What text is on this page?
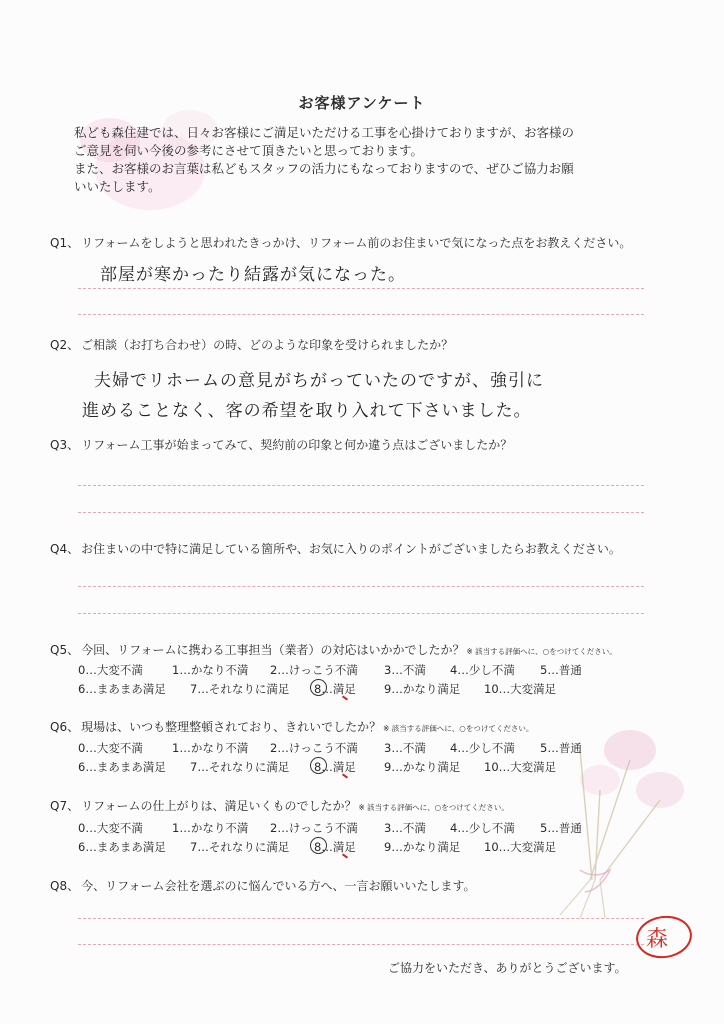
お客様アンケート
私ども森住建では、日々お客様にご満足いただける工事を心掛けておりますが、お客様の
ご意見を伺い今後の参考にさせて頂きたいと思っております。
また、お客様のお言葉は私どもスタッフの活力にもなっておりますので、ぜひご協力お願
いいたします。
Q1、 リフォームをしようと思われたきっかけ、リフォーム前のお住まいで気になった点をお教えください。
部屋が寒かったり結露が気になった。
Q2、 ご相談（お打ち合わせ）の時、どのような印象を受けられましたか？
夫婦でリホームの意見がちがっていたのですが、強引に
進めることなく、客の希望を取り入れて下さいました。
Q3、 リフォーム工事が始まってみて、契約前の印象と何か違う点はございましたか？
Q4、 お住まいの中で特に満足している箇所や、お気に入りのポイントがございましたらお教えください。
Q5、 今回、リフォームに携わる工事担当（業者）の対応はいかかでしたか？ ※ 該当する評価へに、○をつけてください。
0…大変不満	1…かなり不満 2…けっこう不満 3…不満 4…少し不満 5…普通
6…まあまあ満足 7…それなりに満足 8…満足 9…かなり満足 10…大変満足
Q6、 現場は、いつも整理整頓されており、きれいでしたか？ ※ 該当する評価へに、○をつけてください。
0…大変不満	1…かなり不満 2…けっこう不満 3…不満 4…少し不満 5…普通
6…まあまあ満足 7…それなりに満足 8…満足 9…かなり満足 10…大変満足
Q7、 リフォームの仕上がりは、満足いくものでしたか？ ※ 該当する評価へに、○をつけてください。
0…大変不満	1…かなり不満 2…けっこう不満 3…不満 4…少し不満 5…普通
6…まあまあ満足 7…それなりに満足 8…満足 9…かなり満足 10…大変満足
Q8、 今、リフォーム会社を選ぶのに悩んでいる方へ、一言お願いいたします。
ご協力をいただき、ありがとうございます。
森
